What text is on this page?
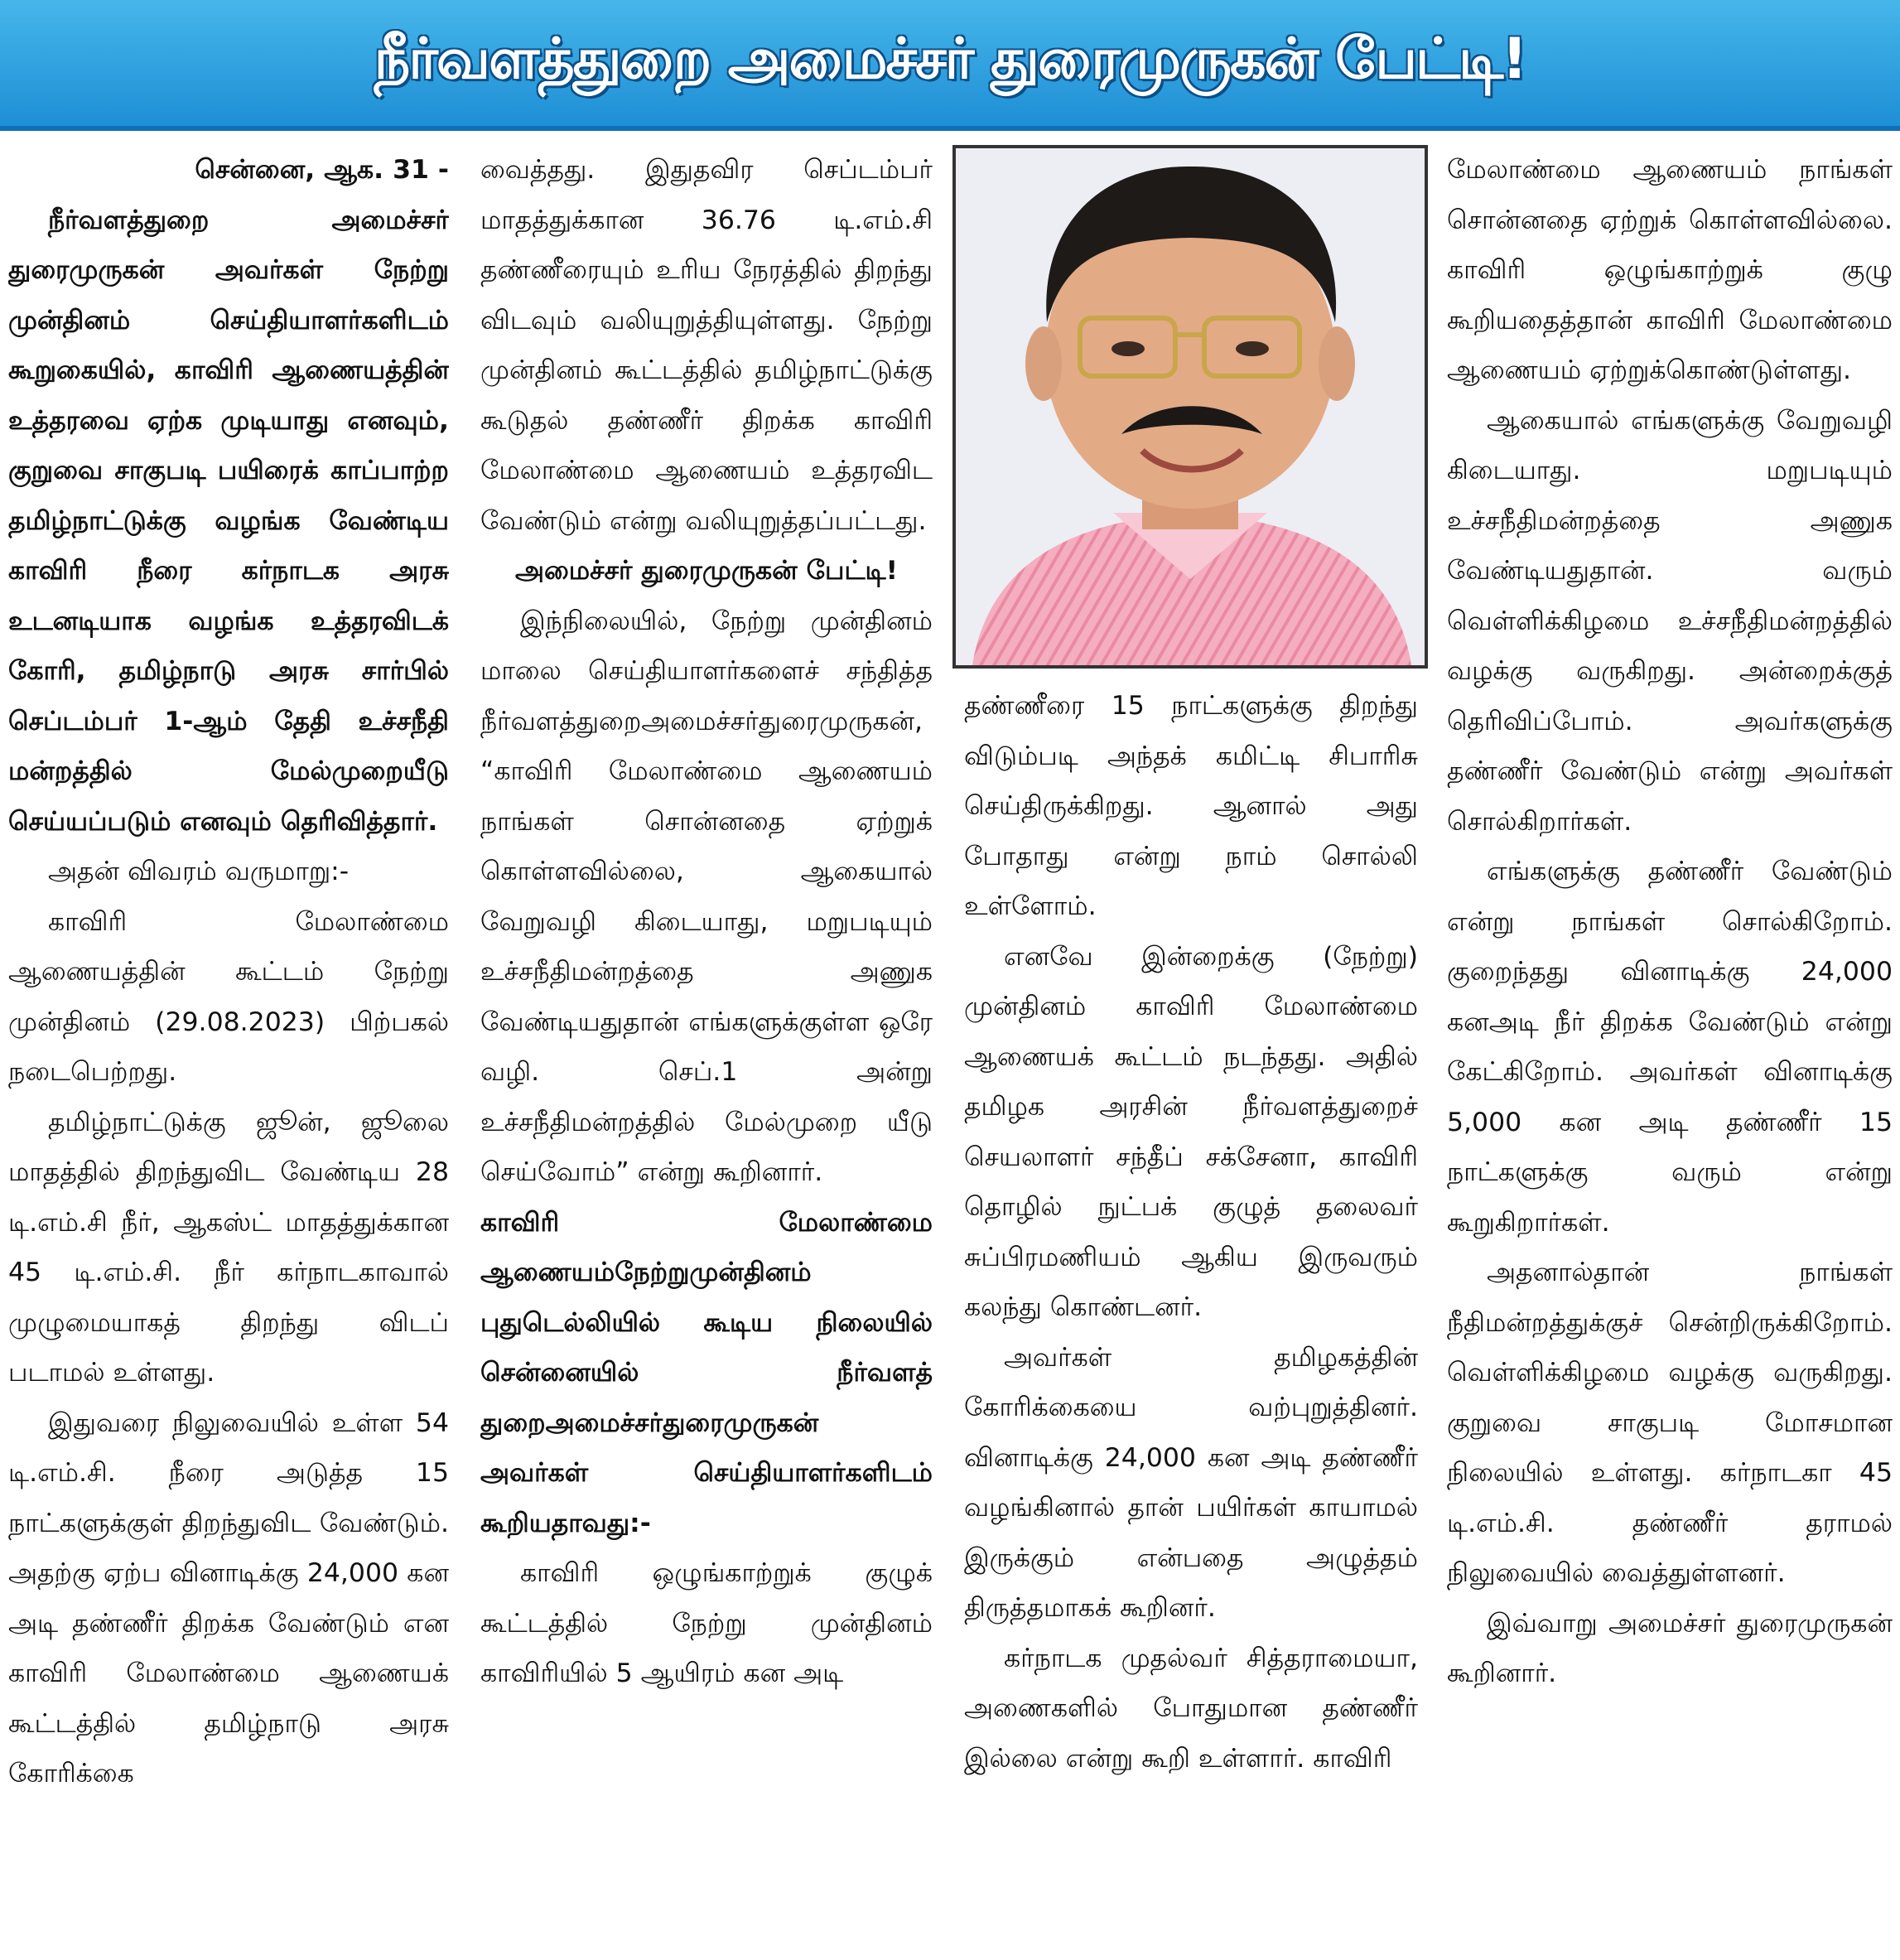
நீர்வளத்துறை அமைச்சர் துரைமுருகன் பேட்டி!

சென்னை, ஆக. 31 -

நீர்வளத்துறை அமைச்சர் துரைமுருகன் அவர்கள் நேற்று முன்தினம் செய்தியாளர்களிடம் கூறுகையில், காவிரி ஆணையத்தின் உத்தரவை ஏற்க முடியாது எனவும், குறுவை சாகுபடி பயிரைக் காப்பாற்ற தமிழ்நாட்டுக்கு வழங்க வேண்டிய காவிரி நீரை கர்நாடக அரசு உடனடியாக வழங்க உத்தரவிடக் கோரி, தமிழ்நாடு அரசு சார்பில் செப்டம்பர் 1-ஆம் தேதி உச்சநீதி மன்றத்தில் மேல்முறையீடு செய்யப்படும் எனவும் தெரிவித்தார்.

அதன் விவரம் வருமாறு:-

காவிரி மேலாண்மை ஆணையத்தின் கூட்டம் நேற்று முன்தினம் (29.08.2023) பிற்பகல் நடைபெற்றது.

தமிழ்நாட்டுக்கு ஜூன், ஜூலை மாதத்தில் திறந்துவிட வேண்டிய 28 டி.எம்.சி நீர், ஆகஸ்ட் மாதத்துக்கான 45 டி.எம்.சி. நீர் கர்நாடகாவால் முழுமையாகத் திறந்து விடப் படாமல் உள்ளது.

இதுவரை நிலுவையில் உள்ள 54 டி.எம்.சி. நீரை அடுத்த 15 நாட்களுக்குள் திறந்துவிட வேண்டும். அதற்கு ஏற்ப வினாடிக்கு 24,000 கன அடி தண்ணீர் திறக்க வேண்டும் என காவிரி மேலாண்மை ஆணையக் கூட்டத்தில் தமிழ்நாடு அரசு கோரிக்கை

வைத்தது. இதுதவிர செப்டம்பர் மாதத்துக்கான 36.76 டி.எம்.சி தண்ணீரையும் உரிய நேரத்தில் திறந்து விடவும் வலியுறுத்தியுள்ளது. நேற்று முன்தினம் கூட்டத்தில் தமிழ்நாட்டுக்கு கூடுதல் தண்ணீர் திறக்க காவிரி மேலாண்மை ஆணையம் உத்தரவிட வேண்டும் என்று வலியுறுத்தப்பட்டது.

அமைச்சர் துரைமுருகன் பேட்டி!

இந்நிலையில், நேற்று முன்தினம் மாலை செய்தியாளர்களைச் சந்தித்த நீர்வளத்துறைஅமைச்சர்துரைமுருகன், “காவிரி மேலாண்மை ஆணையம் நாங்கள் சொன்னதை ஏற்றுக் கொள்ளவில்லை, ஆகையால் வேறுவழி கிடையாது, மறுபடியும் உச்சநீதிமன்றத்தை அணுக வேண்டியதுதான் எங்களுக்குள்ள ஒரே வழி. செப்.1 அன்று உச்சநீதிமன்றத்தில் மேல்முறை யீடு செய்வோம்” என்று கூறினார்.

காவிரி மேலாண்மை ஆணையம்நேற்றுமுன்தினம் புதுடெல்லியில் கூடிய நிலையில் சென்னையில் நீர்வளத் துறைஅமைச்சர்துரைமுருகன் அவர்கள் செய்தியாளர்களிடம் கூறியதாவது:-

காவிரி ஒழுங்காற்றுக் குழுக் கூட்டத்தில் நேற்று முன்தினம் காவிரியில் 5 ஆயிரம் கன அடி

தண்ணீரை 15 நாட்களுக்கு திறந்து விடும்படி அந்தக் கமிட்டி சிபாரிசு செய்திருக்கிறது. ஆனால் அது போதாது என்று நாம் சொல்லி உள்ளோம்.

எனவே இன்றைக்கு (நேற்று) முன்தினம் காவிரி மேலாண்மை ஆணையக் கூட்டம் நடந்தது. அதில் தமிழக அரசின் நீர்வளத்துறைச் செயலாளர் சந்தீப் சக்சேனா, காவிரி தொழில் நுட்பக் குழுத் தலைவர் சுப்பிரமணியம் ஆகிய இருவரும் கலந்து கொண்டனர்.

அவர்கள் தமிழகத்தின் கோரிக்கையை வற்புறுத்தினர். வினாடிக்கு 24,000 கன அடி தண்ணீர் வழங்கினால் தான் பயிர்கள் காயாமல் இருக்கும் என்பதை அழுத்தம் திருத்தமாகக் கூறினர்.

கர்நாடக முதல்வர் சித்தராமையா, அணைகளில் போதுமான தண்ணீர் இல்லை என்று கூறி உள்ளார். காவிரி

மேலாண்மை ஆணையம் நாங்கள் சொன்னதை ஏற்றுக் கொள்ளவில்லை. காவிரி ஒழுங்காற்றுக் குழு கூறியதைத்தான் காவிரி மேலாண்மை ஆணையம் ஏற்றுக்கொண்டுள்ளது.

ஆகையால் எங்களுக்கு வேறுவழி கிடையாது. மறுபடியும் உச்சநீதிமன்றத்தை அணுக வேண்டியதுதான். வரும் வெள்ளிக்கிழமை உச்சநீதிமன்றத்தில் வழக்கு வருகிறது. அன்றைக்குத் தெரிவிப்போம். அவர்களுக்கு தண்ணீர் வேண்டும் என்று அவர்கள் சொல்கிறார்கள்.

எங்களுக்கு தண்ணீர் வேண்டும் என்று நாங்கள் சொல்கிறோம். குறைந்தது வினாடிக்கு 24,000 கனஅடி நீர் திறக்க வேண்டும் என்று கேட்கிறோம். அவர்கள் வினாடிக்கு 5,000 கன அடி தண்ணீர் 15 நாட்களுக்கு வரும் என்று கூறுகிறார்கள்.

அதனால்தான் நாங்கள் நீதிமன்றத்துக்குச் சென்றிருக்கிறோம். வெள்ளிக்கிழமை வழக்கு வருகிறது. குறுவை சாகுபடி மோசமான நிலையில் உள்ளது. கர்நாடகா 45 டி.எம்.சி. தண்ணீர் தராமல் நிலுவையில் வைத்துள்ளனர்.

இவ்வாறு அமைச்சர் துரைமுருகன் கூறினார்.
